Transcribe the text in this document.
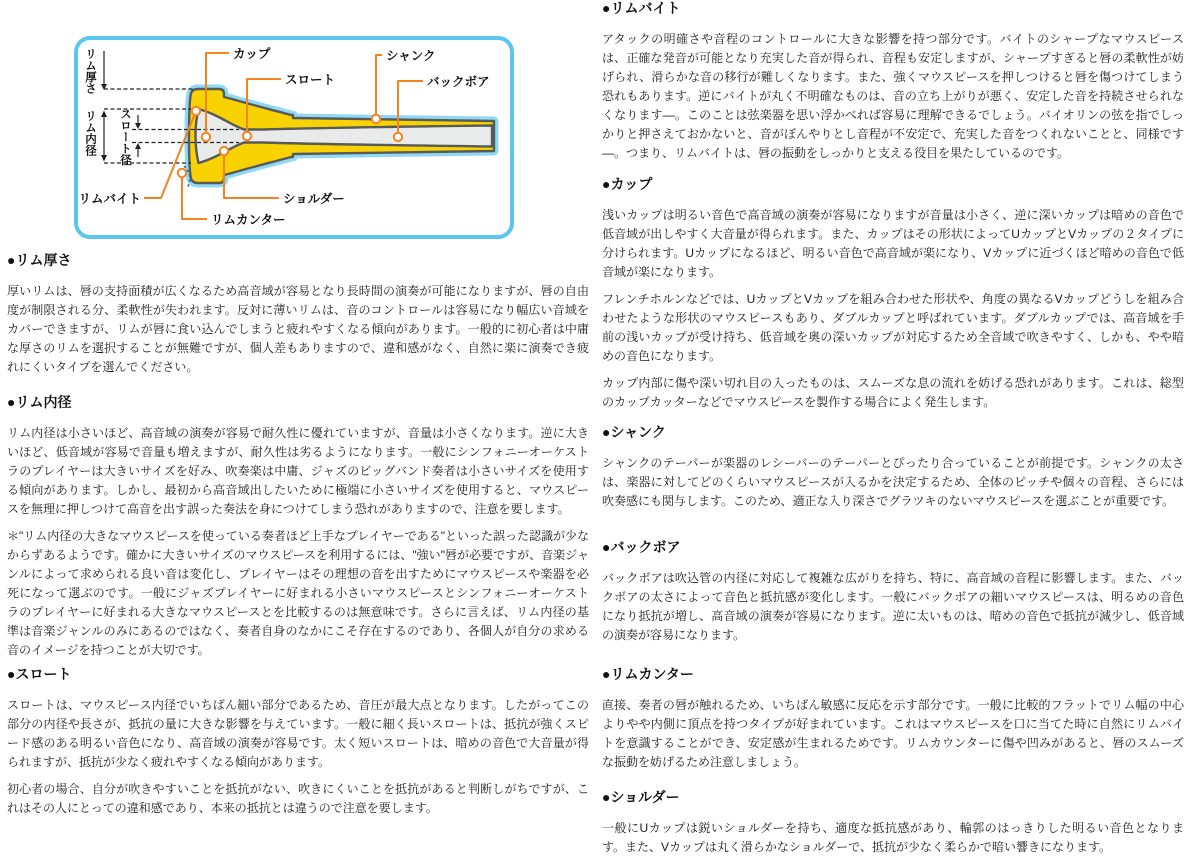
リム厚さ
リム内径 スロート径
カップ
スロート
シャンク
バックボア
リムバイト	ショルダー
リムカンター
●リム厚さ

厚いリムは、唇の支持面積が広くなるため高音域が容易となり長時間の演奏が可能になりますが、唇の自由度が制限される分、柔軟性が失われます。反対に薄いリムは、音のコントロールは容易になり幅広い音域をカバーできますが、リムが唇に食い込んでしまうと疲れやすくなる傾向があります。一般的に初心者は中庸な厚さのリムを選択することが無難ですが、個人差もありますので、違和感がなく、自然に楽に演奏でき疲れにくいタイプを選んでください。

●リム内径

リム内径は小さいほど、高音域の演奏が容易で耐久性に優れていますが、音量は小さくなります。逆に大きいほど、低音域が容易で音量も増えますが、耐久性は劣るようになります。一般にシンフォニーオーケストラのプレイヤーは大きいサイズを好み、吹奏楽は中庸、ジャズのビッグバンド奏者は小さいサイズを使用する傾向があります。しかし、最初から高音域出したいために極端に小さいサイズを使用すると、マウスピースを無理に押しつけて高音を出す誤った奏法を身につけてしまう恐れがありますので、注意を要します。

＊"リム内径の大きなマウスピースを使っている奏者ほど上手なプレイヤーである"といった誤った認識が少なからずあるようです。確かに大きいサイズのマウスピースを利用するには、"強い"唇が必要ですが、音楽ジャンルによって求められる良い音は変化し、プレイヤーはその理想の音を出すためにマウスピースや楽器を必死になって選ぶのです。一般にジャズプレイヤーに好まれる小さいマウスピースとシンフォニーオーケストラのプレイヤーに好まれる大きなマウスピースとを比較するのは無意味です。さらに言えば、リム内径の基準は音楽ジャンルのみにあるのではなく、奏者自身のなかにこそ存在するのであり、各個人が自分の求める音のイメージを持つことが大切です。

●スロート

スロートは、マウスピース内径でいちばん細い部分であるため、音圧が最大点となります。したがってこの部分の内径や長さが、抵抗の量に大きな影響を与えています。一般に細く長いスロートは、抵抗が強くスピード感のある明るい音色になり、高音域の演奏が容易です。太く短いスロートは、暗めの音色で大音量が得られますが、抵抗が少なく疲れやすくなる傾向があります。

初心者の場合、自分が吹きやすいことを抵抗がない、吹きにくいことを抵抗があると判断しがちですが、これはその人にとっての違和感であり、本来の抵抗とは違うので注意を要します。

●リムバイト

アタックの明確さや音程のコントロールに大きな影響を持つ部分です。バイトのシャープなマウスピースは、正確な発音が可能となり充実した音が得られ、音程も安定しますが、シャープすぎると唇の柔軟性が妨げられ、滑らかな音の移行が難しくなります。また、強くマウスピースを押しつけると唇を傷つけてしまう恐れもあります。逆にバイトが丸く不明確なものは、音の立ち上がりが悪く、安定した音を持続させられなくなります―。このことは弦楽器を思い浮かべれば容易に理解できるでしょう。バイオリンの弦を指でしっかりと押さえておかないと、音がぼんやりとし音程が不安定で、充実した音をつくれないことと、同様です―。つまり、リムバイトは、唇の振動をしっかりと支える役目を果たしているのです。

●カップ

浅いカップは明るい音色で高音域の演奏が容易になりますが音量は小さく、逆に深いカップは暗めの音色で低音域が出しやすく大音量が得られます。また、カップはその形状によってUカップとVカップの２タイプに分けられます。Uカップになるほど、明るい音色で高音域が楽になり、Vカップに近づくほど暗めの音色で低音域が楽になります。

フレンチホルンなどでは、UカップとVカップを組み合わせた形状や、角度の異なるVカップどうしを組み合わせたような形状のマウスピースもあり、ダブルカップと呼ばれています。ダブルカップでは、高音域を手前の浅いカップが受け持ち、低音域を奥の深いカップが対応するため全音域で吹きやすく、しかも、やや暗めの音色になります。

カップ内部に傷や深い切れ目の入ったものは、スムーズな息の流れを妨げる恐れがあります。これは、総型のカップカッターなどでマウスピースを製作する場合によく発生します。

●シャンク

シャンクのテーパーが楽器のレシーバーのテーパーとぴったり合っていることが前提です。シャンクの太さは、楽器に対してどのくらいマウスピースが入るかを決定するため、全体のピッチや個々の音程、さらには吹奏感にも関与します。このため、適正な入り深さでグラツキのないマウスピースを選ぶことが重要です。

●バックボア

バックボアは吹込管の内径に対応して複雑な広がりを持ち、特に、高音域の音程に影響します。また、バックボアの太さによって音色と抵抗感が変化します。一般にバックボアの細いマウスピースは、明るめの音色になり抵抗が増し、高音域の演奏が容易になります。逆に太いものは、暗めの音色で抵抗が減少し、低音域の演奏が容易になります。

●リムカンター

直接、奏者の唇が触れるため、いちばん敏感に反応を示す部分です。一般に比較的フラットでリム幅の中心よりやや内側に頂点を持つタイプが好まれています。これはマウスピースを口に当てた時に自然にリムバイトを意識することができ、安定感が生まれるためです。リムカウンターに傷や凹みがあると、唇のスムーズな振動を妨げるため注意しましょう。

●ショルダー

一般にUカップは鋭いショルダーを持ち、適度な抵抗感があり、輪郭のはっきりした明るい音色となります。また、Vカップは丸く滑らかなショルダーで、抵抗が少なく柔らかで暗い響きになります。
